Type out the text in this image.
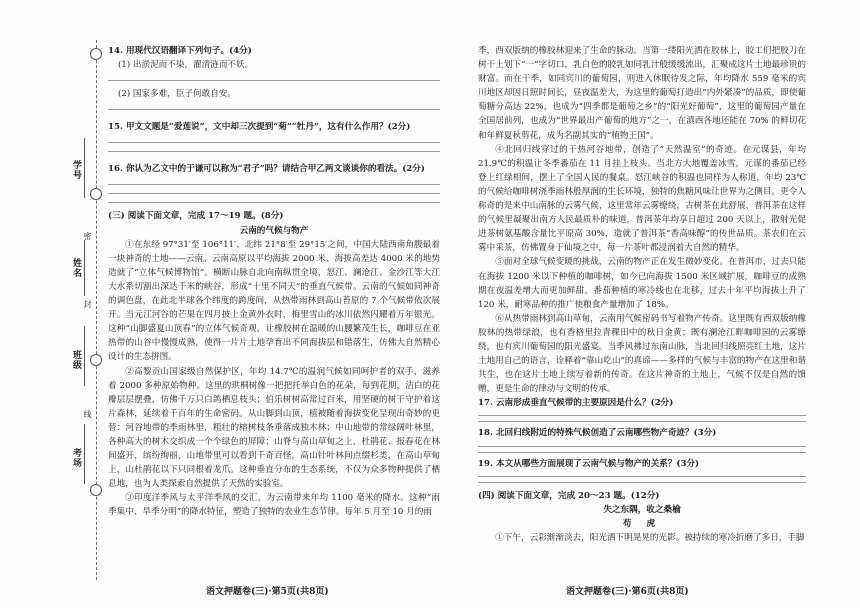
学号
姓名
班级
考场
密
封
线

14. 用现代汉语翻译下列句子。(4分)

(1) 出淤泥而不染，濯清涟而不妖。

(2) 国家多难，臣子何敢自安。

15. 甲文文题是“爱莲说”，文中却三次提到“菊”“牡丹”，这有什么作用？(2分)

16. 你认为乙文中的于谦可以称为“君子”吗？请结合甲乙两文谈谈你的看法。(2分)

(三) 阅读下面文章，完成 17～19 题。(8分)

云南的气候与物产

①在东经 97°31′至 106°11′、北纬 21°8′至 29°15′之间，中国大陆西南角腹最着一块神奇的土地——云南。云南高原以平均海拔 2000 米、海拔高差达 4000 米的地势造就了“立体气候博物馆”。横断山脉自北向南纵贯全境，怒江、澜沧江、金沙江等大江大水系切割出深达千米的峡谷，形成“十里不同天”的垂直气候带。云南的气候如同神奇的调色盘，在此北半球各个纬度的跨度间，从热带雨林到高山苔原的 7 个气候带依次展开。当元江河谷的芒果在四月披上金黄外衣时，梅里雪山的冰川依然闪耀着万年银光。这种“山脚盛夏山顶春”的立体气候奇观，让橡胶树在温暖的山腰繁茂生长，咖啡豆在亚热带的山谷中慢慢成熟，使得一片片土地孕育出不同海拔层和错落生，仿佛大自然精心设计的生态拼图。

②高黎贡山国家级自然保护区，年均 14.7℃的温润气候如同呵护者的双手，滋养着 2000 多种原始物种。这里的珙桐树像一把把托举白色的花朵，每到花期，洁白的花瓣层层摆叠，仿佛千万只白鸽栖息枝头；伯乐树树高常过百米，用坚硬的树干守护着这片森林，延续着千百年的生命密码。从山脚到山顶，植被随着海拔变化呈现出奇妙的更替：河谷地带的季雨林里，粗壮的榕树枝条垂落成独木林；中山地带的常绿阔叶林里，各种高大的树木交织成一个个绿色的屏障；山脊与高山草甸之上，杜鹃花、报春花在林间盛开，缤纷绚丽，山地带里可以看到千奇百怪，高山针叶林间点缀杉类，在高山草甸上，山杜鹃花以下只同根着龙爪。这种垂直分布的生态系统，不仅为众多物种提供了栖息地，也为人类探索自然提供了天然的实验室。

③印度洋季风与太平洋季风的交汇，为云南带来年均 1100 毫米的降水。这种“雨季集中、旱季分明”的降水特征，塑造了独特的农业生态节律。每年 5 月至 10 月的雨

语文押题卷(三)·第5页(共8页)

季，西双版纳的橡胶林迎来了生命的脉动。当第一缕阳光洒在胶林上，胶工们把胶刀在树干上划下“一”字切口，乳白色的胶乳如同乳汁般缓缓流出，汇聚成这片土地最珍贵的财富。而在干季，如同宾川的葡萄园，则进入休眠待发之际，年均降水 559 毫米的宾川地区却因日照时间长，昼夜温差大，为这里的葡萄打造出“内外紧凑”的品质，即使葡萄糖分高达 22%，也成为“四季都是葡萄之乡”的“阳光好葡萄”，这里的葡萄园产量在全国居前列，也成为“世界最出产葡萄的地方”之一，在滇西各地还能在 70% 的鲜切花和年鲜夏秋剪花，成为名副其实的“植物王国”。

④北回归线穿过的干热河谷地带，创造了“天然温室”的奇迹。在元谋县，年均 21.9℃的积温让冬季番茄在 11 月挂上枝头。当北方大地覆盖冰雪，元谋的番茄已经登上红绿相间，摆上了全国人民的餐桌。怒江峡谷的积温也同样为人称道，年均 23℃的气候给咖啡树浇季雨林般厚润的生长环境，独特的焦糖风味让世界为之侧目。更令人称奇的是来中山南脉的云雾气候，这里常年云雾缭绕，古树茶在此舒展，普洱茶在这样的气候里凝聚出南方人民最质朴的味道，普洱茶年均享日超过 200 天以上，散射光促进茶树氨基酸含量比平原高 30%，造就了普洱茶“香高味醇”的传世品质。茶农们在云雾中采茶，仿佛置身于仙境之中，每一片茶叶都浸润着大自然的精华。

⑤面对全球气候变暖的挑战，云南的物产正在发生微妙变化。在普洱市，过去只能在海拔 1200 米以下种植的咖啡树，如今已向海拔 1500 米区域扩展，咖啡豆的成熟期在夜温差增大而更加鲜甜。番茄种植的寒冷线也在北移，过去十年平均海拔上升了 120 米，耐寒品种的推广使粮食产量增加了 18%。

⑥从热带雨林到高山草甸，云南用气候密码书写着物产传奇。这里既有西双版纳橡胶林的热带绿浪，也有香格里拉青稞田中的秋日金黄；既有澜沧江畔咖啡园的云雾缭绕，也有宾川葡萄园的阳光盛宴。当季风拂过东南山脉，当北回归线照亮红土地，这片土地用自己的语言，诠释着“靠山吃山”的真谛——多样的气候与丰富的物产在这里和谐共生，也在这片土地上续写着新的传奇。在这片神奇的土地上，气候不仅是自然的馈赠，更是生命的律动与文明的传承。

17. 云南形成垂直气候带的主要原因是什么？(2分)

18. 北回归线附近的特殊气候创造了云南哪些物产奇迹？(3分)

19. 本文从哪些方面展现了云南气候与物产的关系？(3分)

(四) 阅读下面文章，完成 20～23 题。(12分)

失之东隅，收之桑榆

苟 虎

①下午，云彩渐渐淡去，阳光洒下明晃晃的光影。被持续的寒冷折磨了多日，手脚

语文押题卷(三)·第6页(共8页)
